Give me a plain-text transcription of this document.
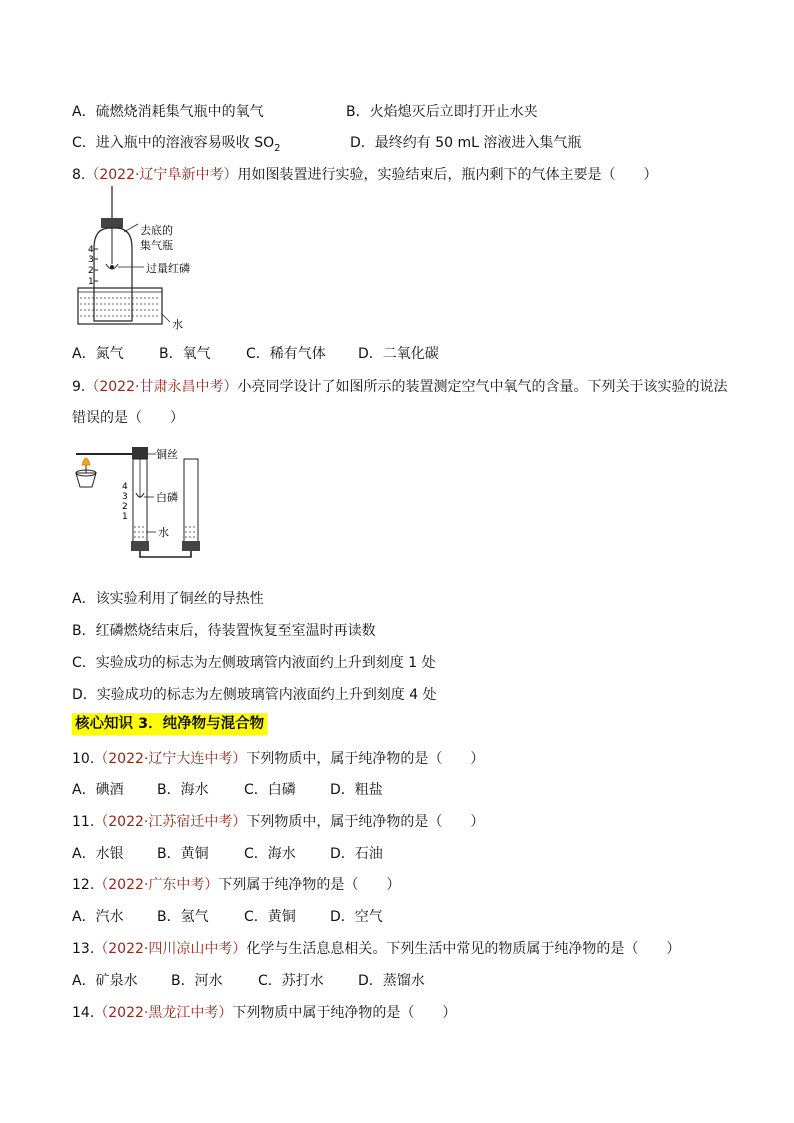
A．硫燃烧消耗集气瓶中的氧气	B．火焰熄灭后立即打开止水夹
C．进入瓶中的溶液容易吸收 $SO_2$	D．最终约有 50 mL 溶液进入集气瓶
8.（2022·辽宁阜新中考）用如图装置进行实验，实验结束后，瓶内剩下的气体主要是（　　）
4
3
2
1
去底的
集气瓶
过量红磷
水
A．氮气	B．氧气	C．稀有气体 D．二氧化碳
9.（2022·甘肃永昌中考）小亮同学设计了如图所示的装置测定空气中氧气的含量。下列关于该实验的说法
错误的是（　　）
4
3
2
1
铜丝
白磷
水
A．该实验利用了铜丝的导热性
B．红磷燃烧结束后，待装置恢复至室温时再读数
C．实验成功的标志为左侧玻璃管内液面约上升到刻度 1 处
D．实验成功的标志为左侧玻璃管内液面约上升到刻度 4 处
核心知识 3．纯净物与混合物
10.（2022·辽宁大连中考）下列物质中，属于纯净物的是（　　）
A．碘酒 B．海水	C．白磷 D．粗盐
11.（2022·江苏宿迁中考）下列物质中，属于纯净物的是（　　）
A．水银 B．黄铜	C．海水 D．石油
12.（2022·广东中考）下列属于纯净物的是（　　）
A．汽水 B．氢气	C．黄铜 D．空气
13.（2022·四川凉山中考）化学与生活息息相关。下列生活中常见的物质属于纯净物的是（　　）
A．矿泉水 B．河水	C．苏打水 D．蒸馏水
14.（2022·黑龙江中考）下列物质中属于纯净物的是（　　）
